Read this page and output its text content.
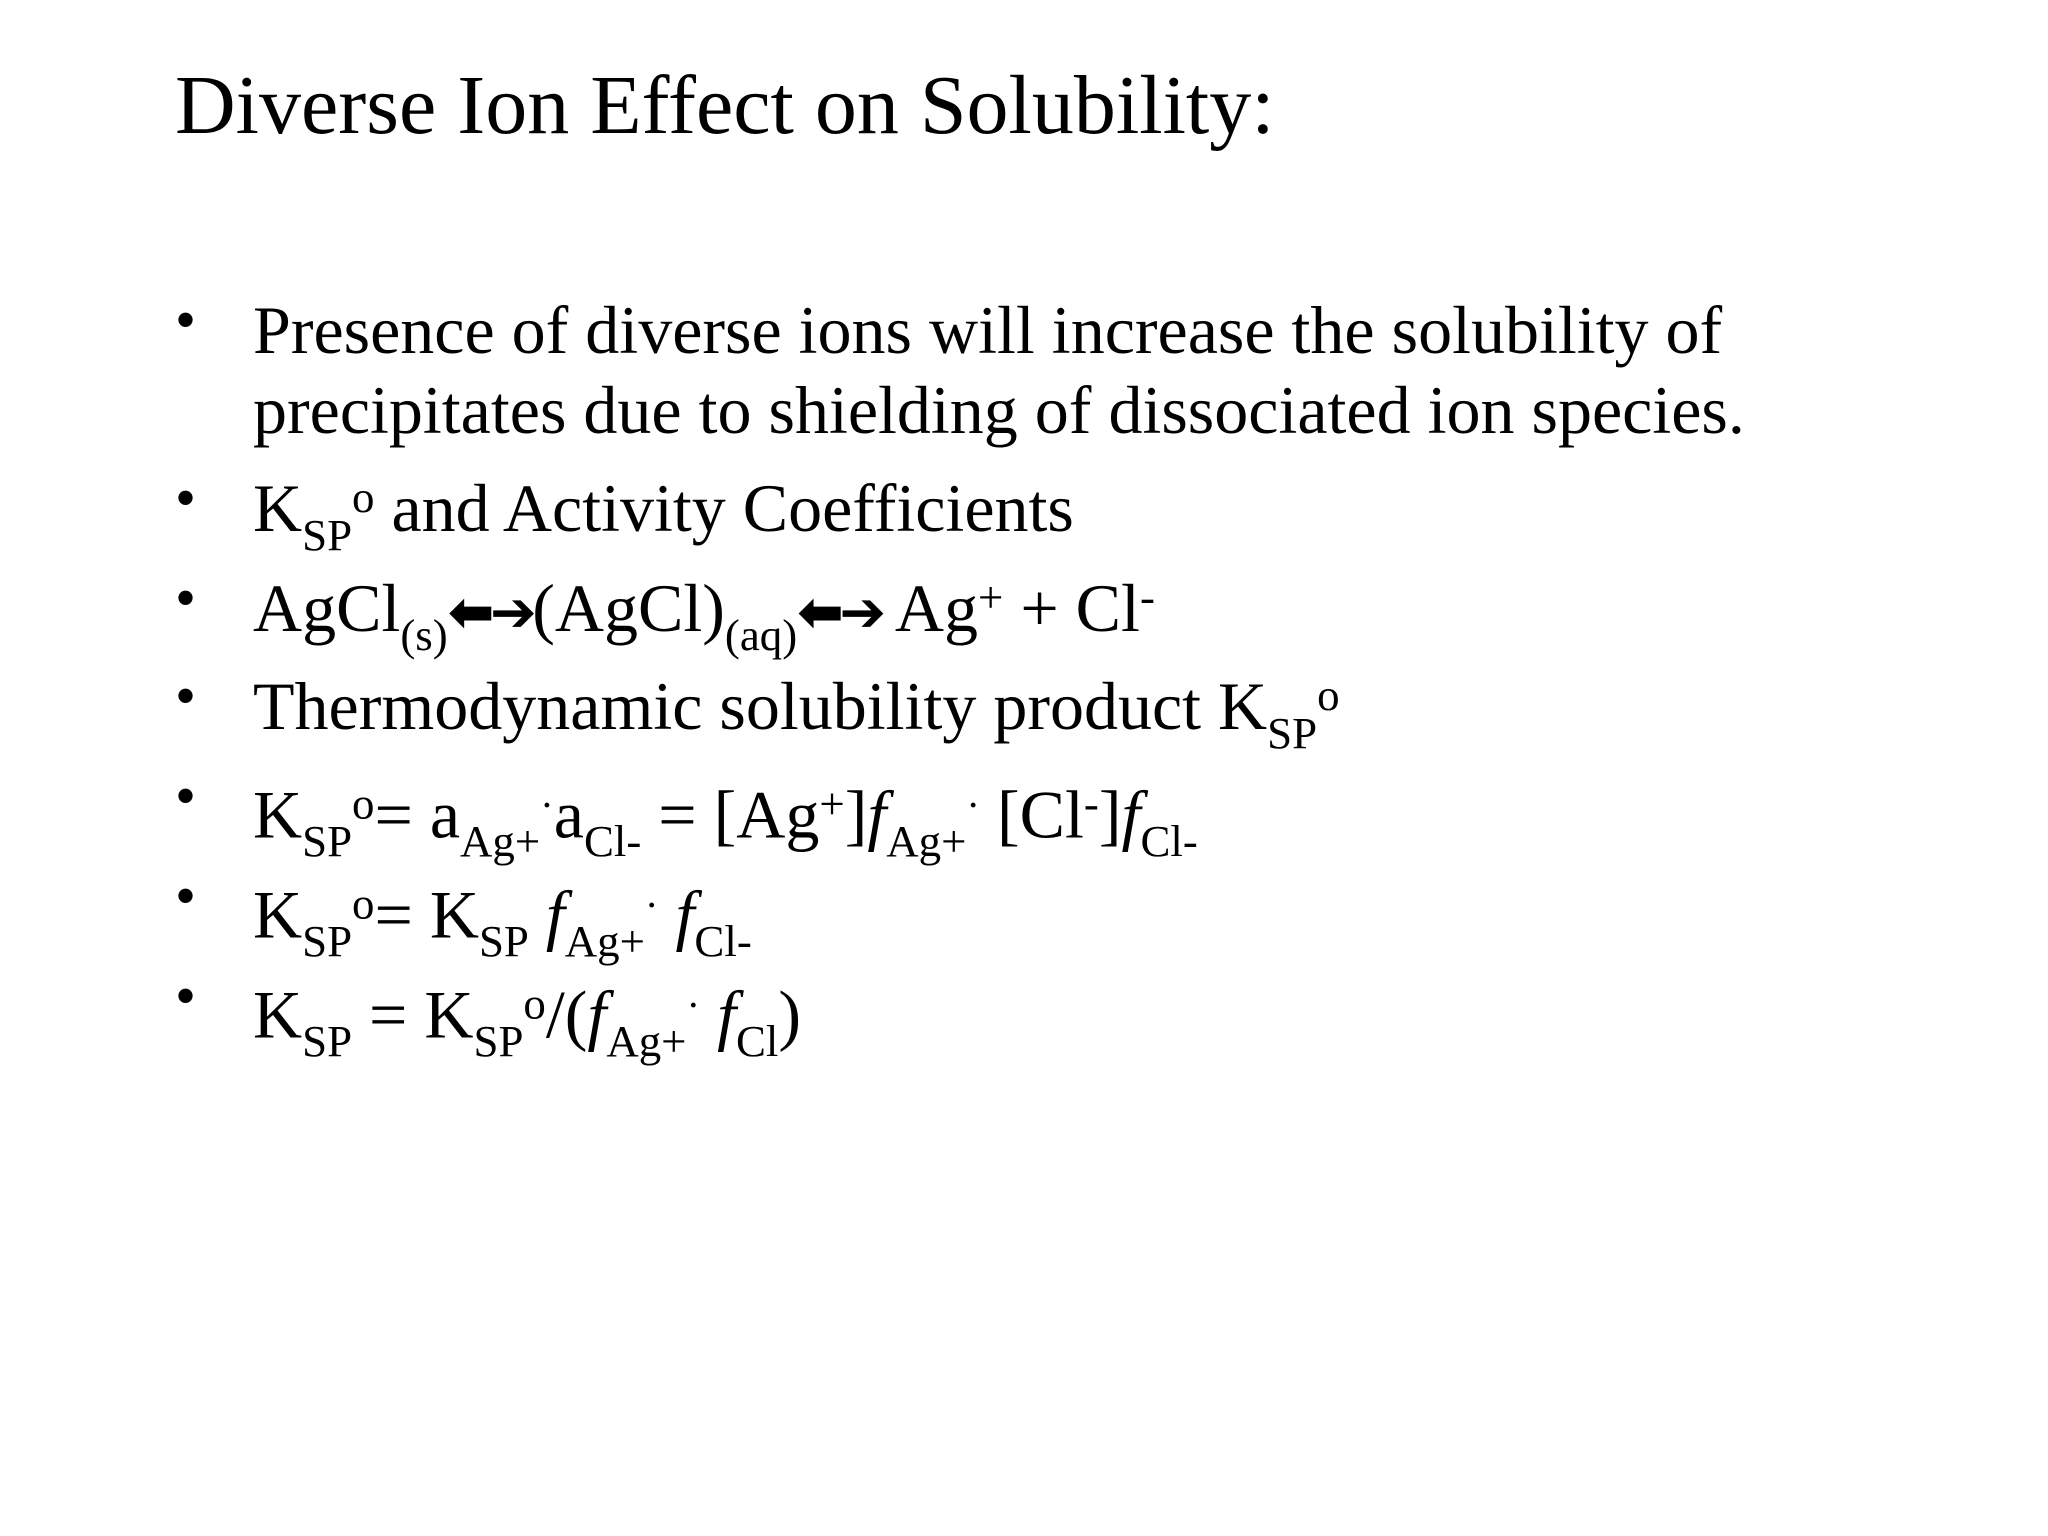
Diverse Ion Effect on Solubility:
• Presence of diverse ions will increase the solubility of
precipitates due to shielding of dissociated ion species.
• $K_{SP}^o$ and Activity Coefficients
• $AgCl_{(s)}⬅➔(AgCl)_{(aq)}⬅➔$ Ag+ + Cl-
• Thermodynamic solubility product $K_{SP}^o$
• $K_{SP}^o= a_{Ag+}^\cdot a_{Cl-} = [Ag^+]f_{Ag+}^\cdot$ $[Cl^-]f_{Cl-}$
• $K_{SP}^o= K_{SP}$ $f_{Ag+}^\cdot$ $f_{Cl-}$
• $K_{SP} = K_{SP}^o/(f_{Ag+}^\cdot$ $f_{Cl}$)
